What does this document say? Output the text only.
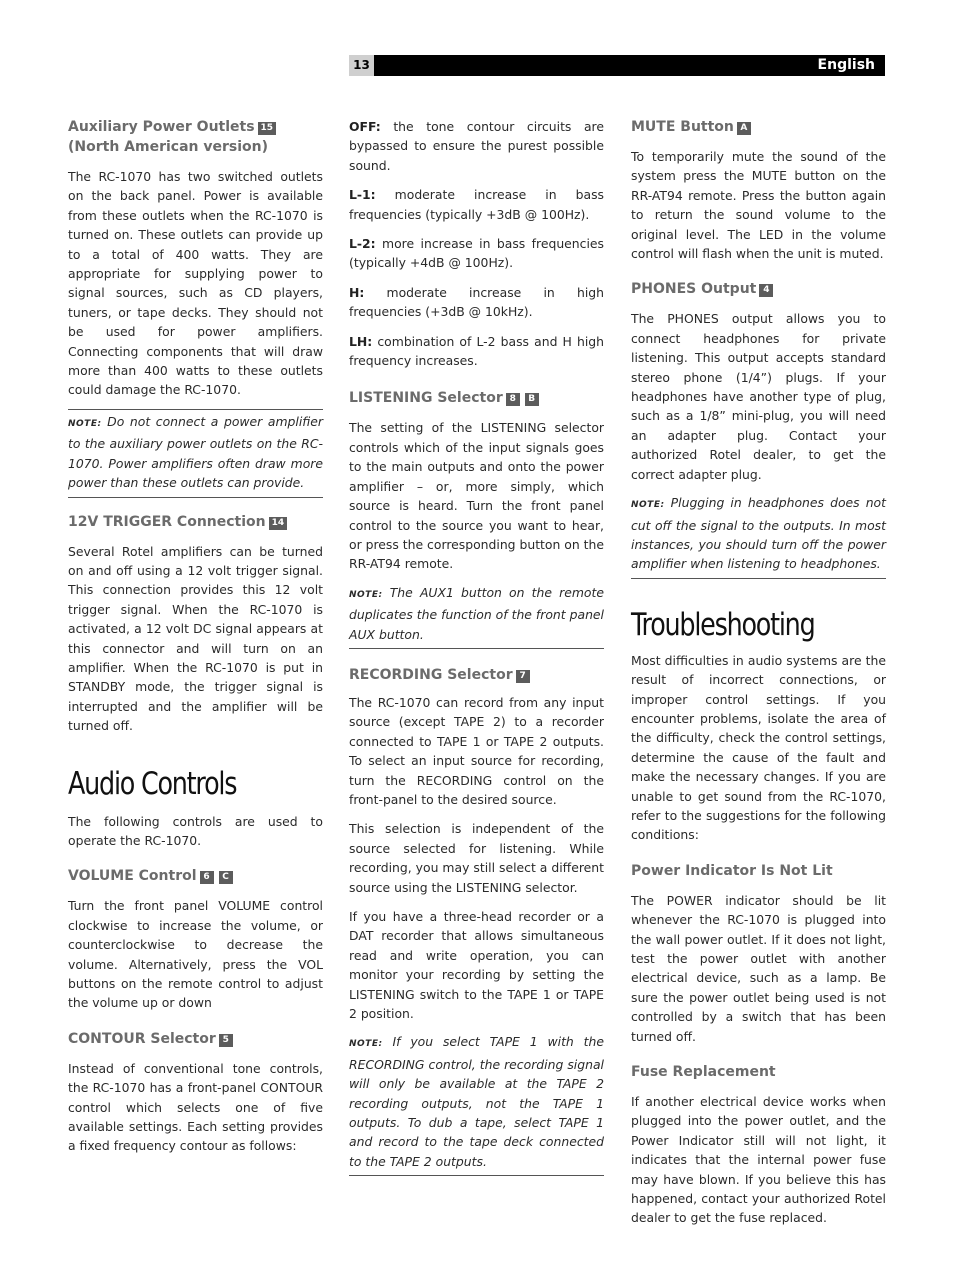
13	English
Auxiliary Power Outlets 15
(North American version)

The RC-1070 has two switched outlets on the back panel. Power is available from these outlets when the RC-1070 is turned on. These outlets can provide up to a total of 400 watts. They are appropriate for supplying power to signal sources, such as CD players, tuners, or tape decks. They should not be used for power amplifiers. Connecting components that will draw more than 400 watts to these outlets could damage the RC-1070.

NOTE: Do not connect a power amplifier to the auxiliary power outlets on the RC-1070. Power amplifiers often draw more power than these outlets can provide.
12V TRIGGER Connection 14

Several Rotel amplifiers can be turned on and off using a 12 volt trigger signal. This connection provides this 12 volt trigger signal. When the RC-1070 is activated, a 12 volt DC signal appears at this connector and will turn on an amplifier. When the RC-1070 is put in STANDBY mode, the trigger signal is interrupted and the amplifier will be turned off.

Audio Controls

The following controls are used to operate the RC-1070.

VOLUME Control 6 C

Turn the front panel VOLUME control clockwise to increase the volume, or counterclockwise to decrease the volume. Alternatively, press the VOL buttons on the remote control to adjust the volume up or down

CONTOUR Selector 5

Instead of conventional tone controls, the RC-1070 has a front-panel CONTOUR control which selects one of five available settings. Each setting provides a fixed frequency contour as follows:

OFF: the tone contour circuits are bypassed to ensure the purest possible sound.

L-1: moderate increase in bass frequencies (typically +3dB @ 100Hz).

L-2: more increase in bass frequencies (typically +4dB @ 100Hz).

H: moderate increase in high frequencies (+3dB @ 10kHz).

LH: combination of L-2 bass and H high frequency increases.

LISTENING Selector 8 B

The setting of the LISTENING selector controls which of the input signals goes to the main outputs and onto the power amplifier – or, more simply, which source is heard. Turn the front panel control to the source you want to hear, or press the corresponding button on the RR-AT94 remote.

NOTE: The AUX1 button on the remote duplicates the function of the front panel AUX button.
RECORDING Selector 7

The RC-1070 can record from any input source (except TAPE 2) to a recorder connected to TAPE 1 or TAPE 2 outputs. To select an input source for recording, turn the RECORDING control on the front-panel to the desired source.

This selection is independent of the source selected for listening. While recording, you may still select a different source using the LISTENING selector.

If you have a three-head recorder or a DAT recorder that allows simultaneous read and write operation, you can monitor your recording by setting the LISTENING switch to the TAPE 1 or TAPE 2 position.

NOTE: If you select TAPE 1 with the RECORDING control, the recording signal will only be available at the TAPE 2 recording outputs, not the TAPE 1 outputs. To dub a tape, select TAPE 1 and record to the tape deck connected to the TAPE 2 outputs.
MUTE Button A

To temporarily mute the sound of the system press the MUTE button on the RR-AT94 remote. Press the button again to return the sound volume to the original level. The LED in the volume control will flash when the unit is muted.

PHONES Output 4

The PHONES output allows you to connect headphones for private listening. This output accepts standard stereo phone (1/4”) plugs. If your headphones have another type of plug, such as a 1/8” mini-plug, you will need an adapter plug. Contact your authorized Rotel dealer, to get the correct adapter plug.

NOTE: Plugging in headphones does not cut off the signal to the outputs. In most instances, you should turn off the power amplifier when listening to headphones.
Troubleshooting

Most difficulties in audio systems are the result of incorrect connections, or improper control settings. If you encounter problems, isolate the area of the difficulty, check the control settings, determine the cause of the fault and make the necessary changes. If you are unable to get sound from the RC-1070, refer to the suggestions for the following conditions:

Power Indicator Is Not Lit

The POWER indicator should be lit whenever the RC-1070 is plugged into the wall power outlet. If it does not light, test the power outlet with another electrical device, such as a lamp. Be sure the power outlet being used is not controlled by a switch that has been turned off.

Fuse Replacement

If another electrical device works when plugged into the power outlet, and the Power Indicator still will not light, it indicates that the internal power fuse may have blown. If you believe this has happened, contact your authorized Rotel dealer to get the fuse replaced.
